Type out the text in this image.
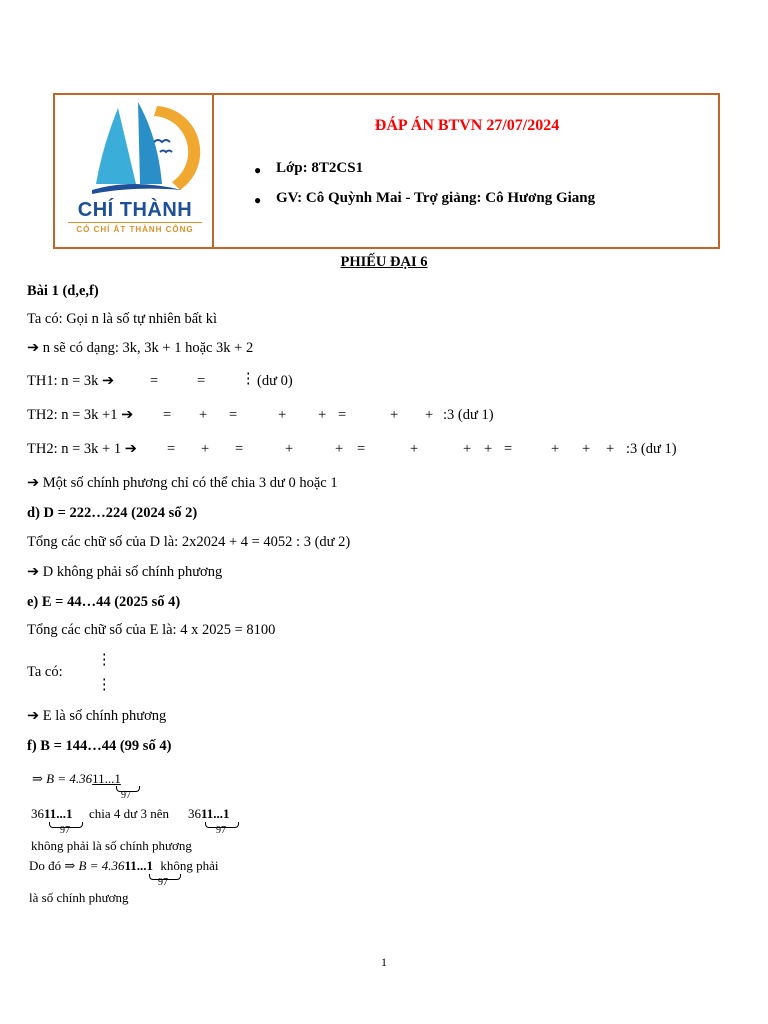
CHÍ THÀNH
CÓ CHÍ ẮT THÀNH CÔNG
ĐÁP ÁN BTVN 27/07/2024
● Lớp: 8T2CS1
● GV: Cô Quỳnh Mai - Trợ giảng: Cô Hương Giang
PHIẾU ĐẠI 6
Bài 1 (d,e,f)
Ta có: Gọi n là số tự nhiên bất kì
➔ n sẽ có dạng: 3k, 3k + 1 hoặc 3k + 2
TH1: n = 3k ➔ =	= ⋮ (dư 0)
TH2: n = 3k +1 ➔ = + =	+ + =	+ + :3 (dư 1)
TH2: n = 3k + 1 ➔ = + =	+	+ =	+	+ + =	+ + + :3 (dư 1)
➔ Một số chính phương chỉ có thể chia 3 dư 0 hoặc 1
d) D = 222…224 (2024 số 2)
Tổng các chữ số của D là: 2x2024 + 4 = 4052 : 3 (dư 2)
➔ D không phải số chính phương
e) E = 44…44 (2025 số 4)
Tổng các chữ số của E là: 4 x 2025 = 8100
⋮
Ta có:
⋮
➔ E là số chính phương
f) B = 144…44 (99 số 4)
⇒ B = 4.3611...1
97
3611...1
97
chia 4 dư 3 nên 3611...1
97
không phải là số chính phương
Do đó ⇒ B = 4.3611...1 không phải
97
là số chính phương
1
